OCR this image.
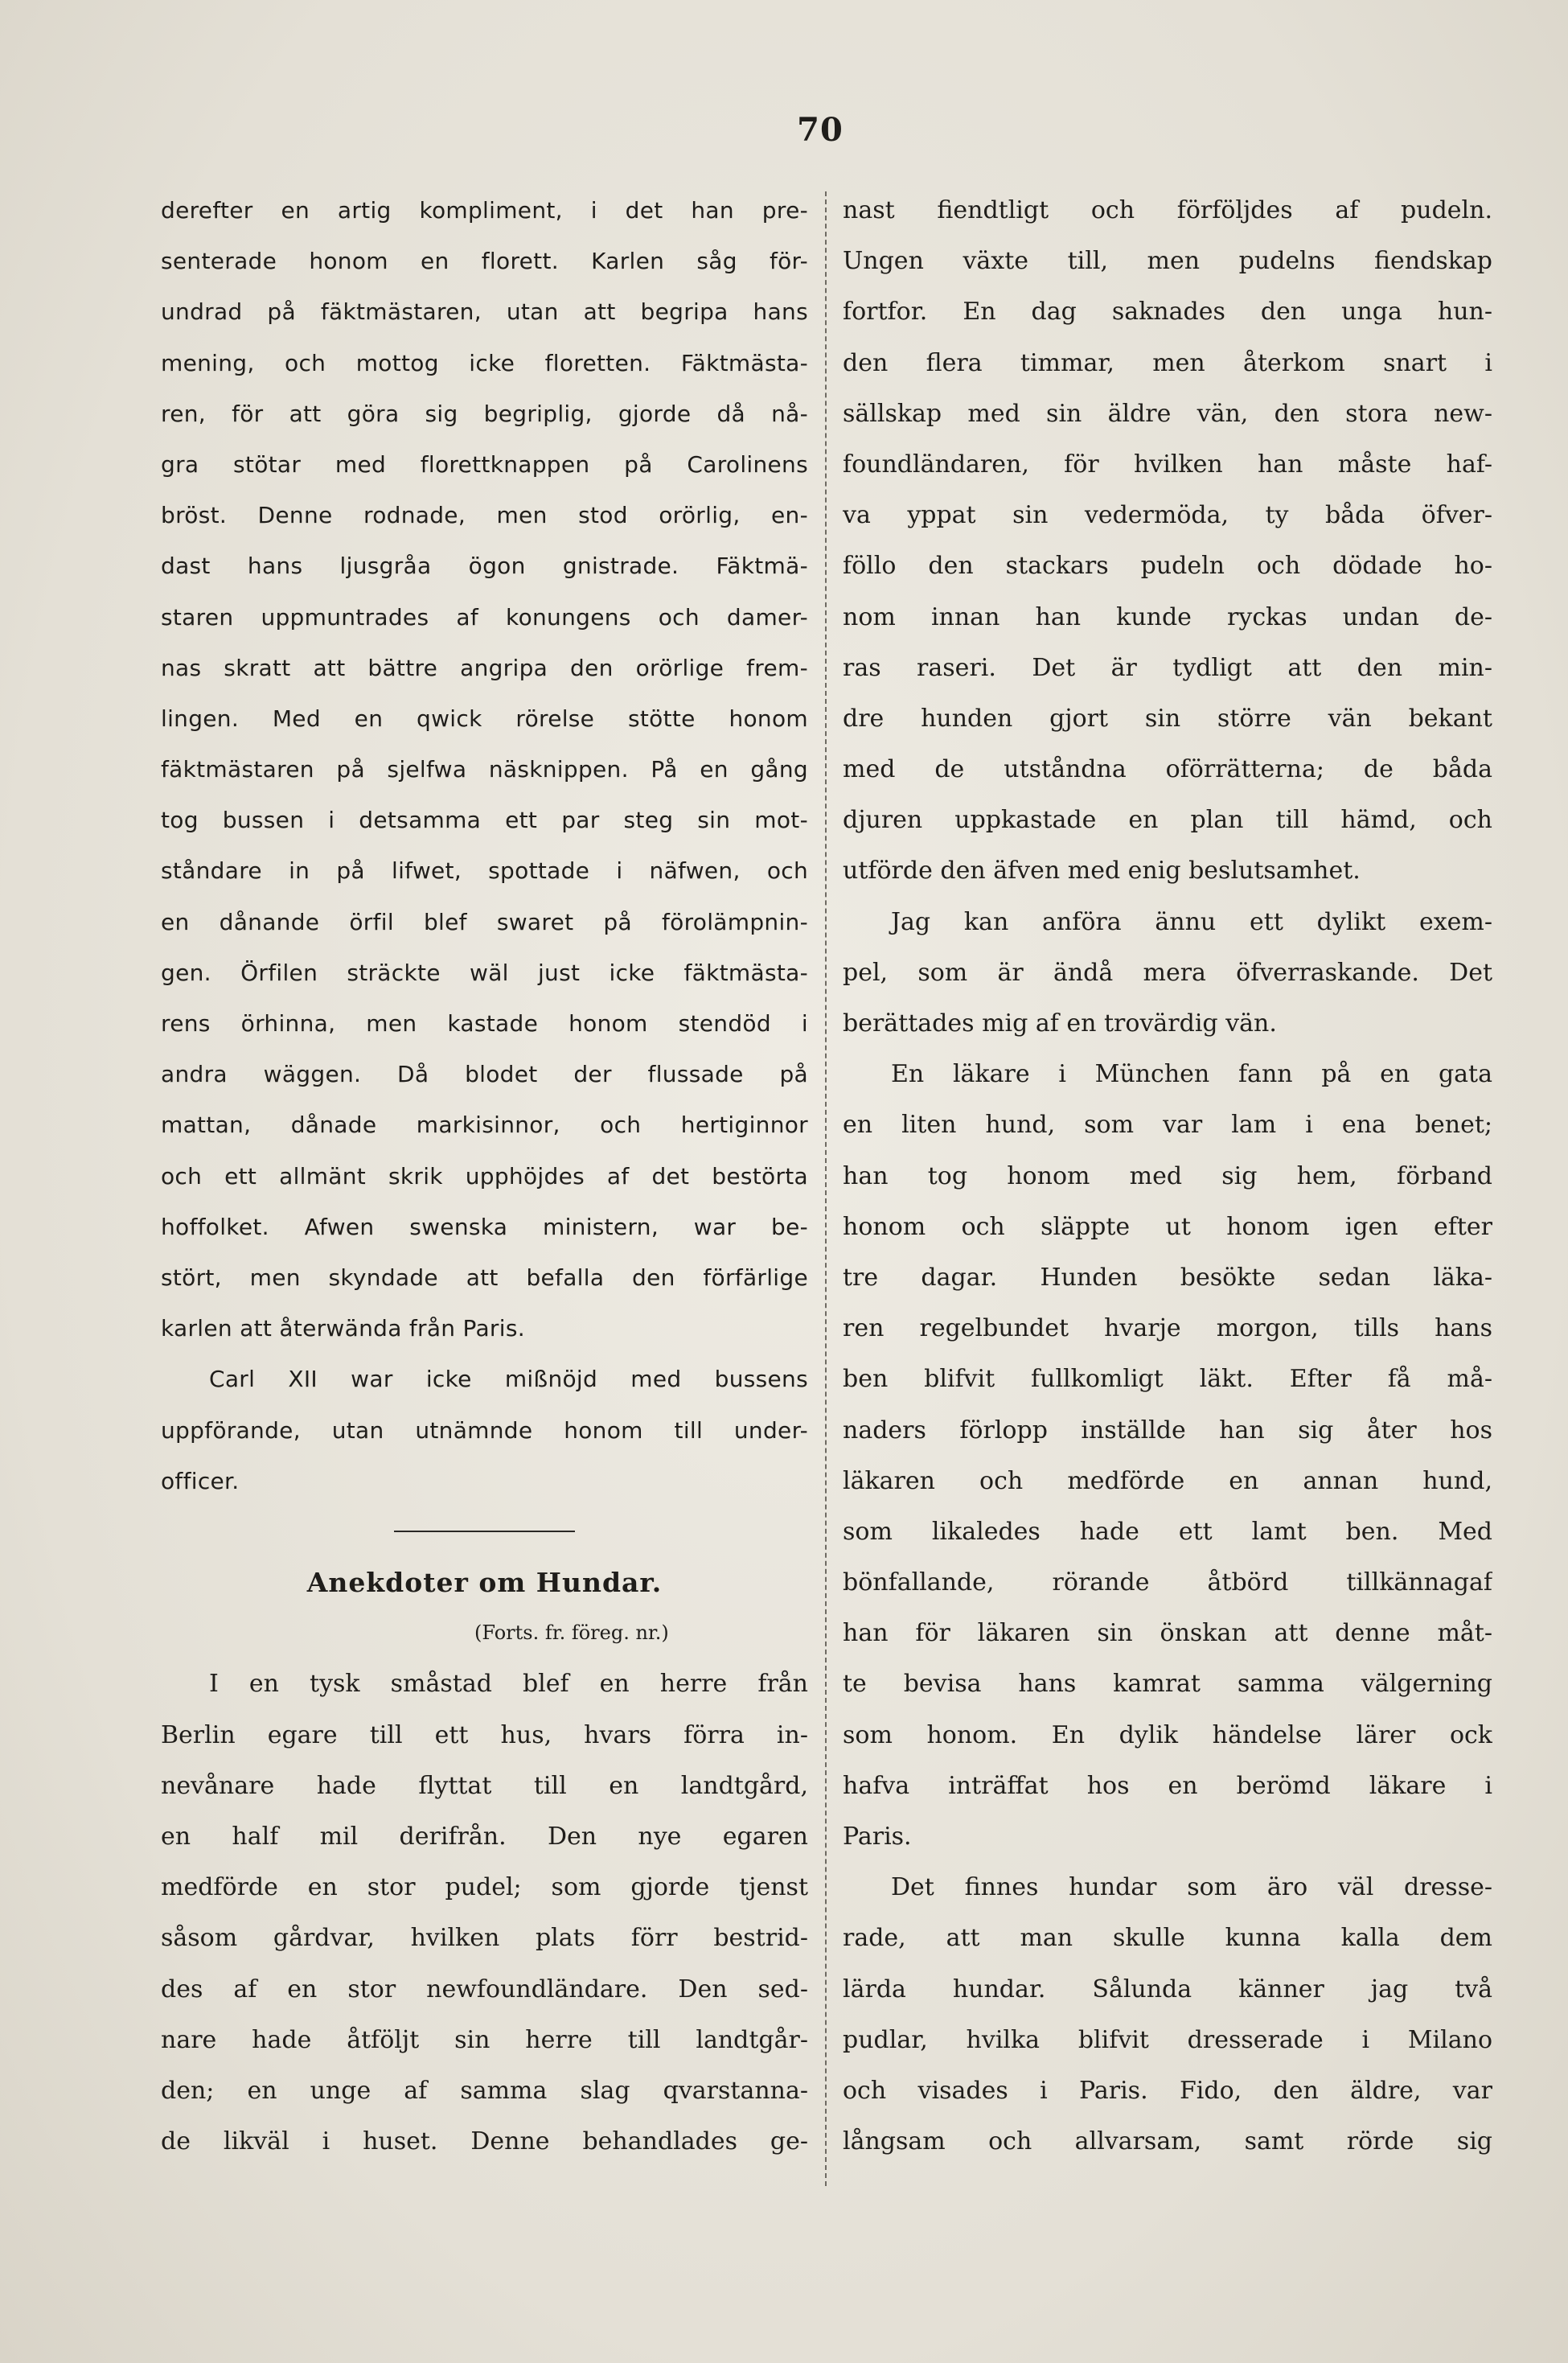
70
derefter en artig kompliment, i det han pre-
senterade honom en florett. Karlen såg för-
undrad på fäktmästaren, utan att begripa hans
mening, och mottog icke floretten. Fäktmästa-
ren, för att göra sig begriplig, gjorde då nå-
gra stötar med florettknappen på Carolinens
bröst. Denne rodnade, men stod orörlig, en-
dast hans ljusgråa ögon gnistrade. Fäktmä-
staren uppmuntrades af konungens och damer-
nas skratt att bättre angripa den orörlige frem-
lingen. Med en qwick rörelse stötte honom
fäktmästaren på sjelfwa näsknippen. På en gång
tog bussen i detsamma ett par steg sin mot-
ståndare in på lifwet, spottade i näfwen, och
en dånande örfil blef swaret på förolämpnin-
gen. Örfilen sträckte wäl just icke fäktmästa-
rens örhinna, men kastade honom stendöd i
andra wäggen. Då blodet der flussade på
mattan, dånade markisinnor, och hertiginnor
och ett allmänt skrik upphöjdes af det bestörta
hoffolket. Afwen swenska ministern, war be-
stört, men skyndade att befalla den förfärlige
karlen att återwända från Paris.
Carl XII war icke mißnöjd med bussens
uppförande, utan utnämnde honom till under-
officer.
Anekdoter om Hundar.
(Forts. fr. föreg. nr.)
I en tysk småstad blef en herre från
Berlin egare till ett hus, hvars förra in-
nevånare hade flyttat till en landtgård,
en half mil derifrån. Den nye egaren
medförde en stor pudel; som gjorde tjenst
såsom gårdvar, hvilken plats förr bestrid-
des af en stor newfoundländare. Den sed-
nare hade åtföljt sin herre till landtgår-
den; en unge af samma slag qvarstanna-
de likväl i huset. Denne behandlades ge-
nast fiendtligt och förföljdes af pudeln.
Ungen växte till, men pudelns fiendskap
fortfor. En dag saknades den unga hun-
den flera timmar, men återkom snart i
sällskap med sin äldre vän, den stora new-
foundländaren, för hvilken han måste haf-
va yppat sin vedermöda, ty båda öfver-
föllo den stackars pudeln och dödade ho-
nom innan han kunde ryckas undan de-
ras raseri. Det är tydligt att den min-
dre hunden gjort sin större vän bekant
med de utståndna oförrätterna; de båda
djuren uppkastade en plan till hämd, och
utförde den äfven med enig beslutsamhet.
Jag kan anföra ännu ett dylikt exem-
pel, som är ändå mera öfverraskande. Det
berättades mig af en trovärdig vän.
En läkare i München fann på en gata
en liten hund, som var lam i ena benet;
han tog honom med sig hem, förband
honom och släppte ut honom igen efter
tre dagar. Hunden besökte sedan läka-
ren regelbundet hvarje morgon, tills hans
ben blifvit fullkomligt läkt. Efter få må-
naders förlopp inställde han sig åter hos
läkaren och medförde en annan hund,
som likaledes hade ett lamt ben. Med
bönfallande, rörande åtbörd tillkännagaf
han för läkaren sin önskan att denne måt-
te bevisa hans kamrat samma välgerning
som honom. En dylik händelse lärer ock
hafva inträffat hos en berömd läkare i
Paris.
Det finnes hundar som äro väl dresse-
rade, att man skulle kunna kalla dem
lärda hundar. Sålunda känner jag två
pudlar, hvilka blifvit dresserade i Milano
och visades i Paris. Fido, den äldre, var
långsam och allvarsam, samt rörde sig
